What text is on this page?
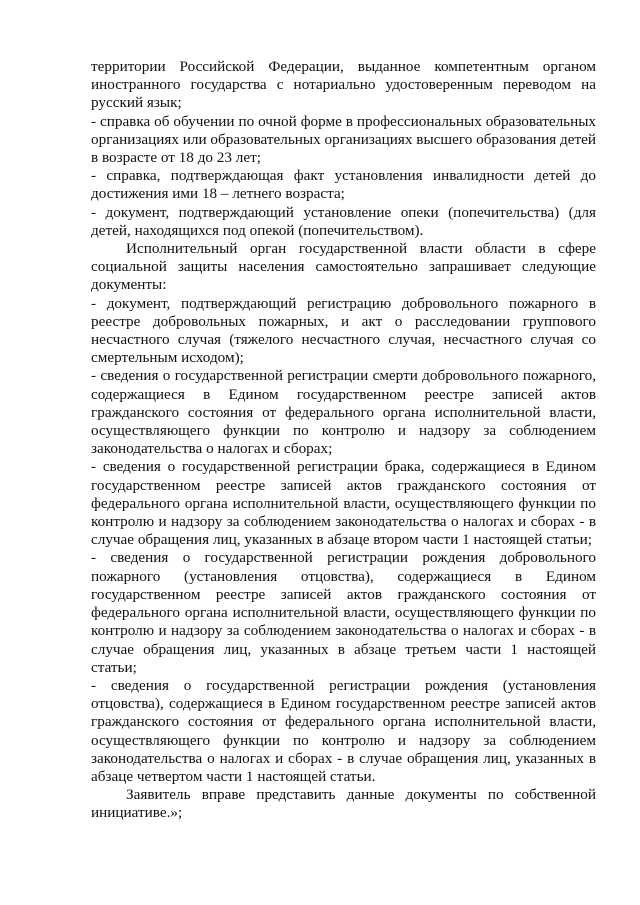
территории Российской Федерации, выданное компетентным органом иностранного государства с нотариально удостоверенным переводом на русский язык;

- справка об обучении по очной форме в профессиональных образовательных организациях или образовательных организациях высшего образования детей в возрасте от 18 до 23 лет;

- справка, подтверждающая факт установления инвалидности детей до достижения ими 18 – летнего возраста;

- документ, подтверждающий установление опеки (попечительства) (для детей, находящихся под опекой (попечительством).

Исполнительный орган государственной власти области в сфере социальной защиты населения самостоятельно запрашивает следующие документы:

- документ, подтверждающий регистрацию добровольного пожарного в реестре добровольных пожарных, и акт о расследовании группового несчастного случая (тяжелого несчастного случая, несчастного случая со смертельным исходом);

- сведения о государственной регистрации смерти добровольного пожарного, содержащиеся в Едином государственном реестре записей актов гражданского состояния от федерального органа исполнительной власти, осуществляющего функции по контролю и надзору за соблюдением законодательства о налогах и сборах;

- сведения о государственной регистрации брака, содержащиеся в Едином государственном реестре записей актов гражданского состояния от федерального органа исполнительной власти, осуществляющего функции по контролю и надзору за соблюдением законодательства о налогах и сборах - в случае обращения лиц, указанных в абзаце втором части 1 настоящей статьи;

- сведения о государственной регистрации рождения добровольного пожарного (установления отцовства), содержащиеся в Едином государственном реестре записей актов гражданского состояния от федерального органа исполнительной власти, осуществляющего функции по контролю и надзору за соблюдением законодательства о налогах и сборах - в случае обращения лиц, указанных в абзаце третьем части 1 настоящей статьи;

- сведения о государственной регистрации рождения (установления отцовства), содержащиеся в Едином государственном реестре записей актов гражданского состояния от федерального органа исполнительной власти, осуществляющего функции по контролю и надзору за соблюдением законодательства о налогах и сборах - в случае обращения лиц, указанных в абзаце четвертом части 1 настоящей статьи.

Заявитель вправе представить данные документы по собственной инициативе.»;
